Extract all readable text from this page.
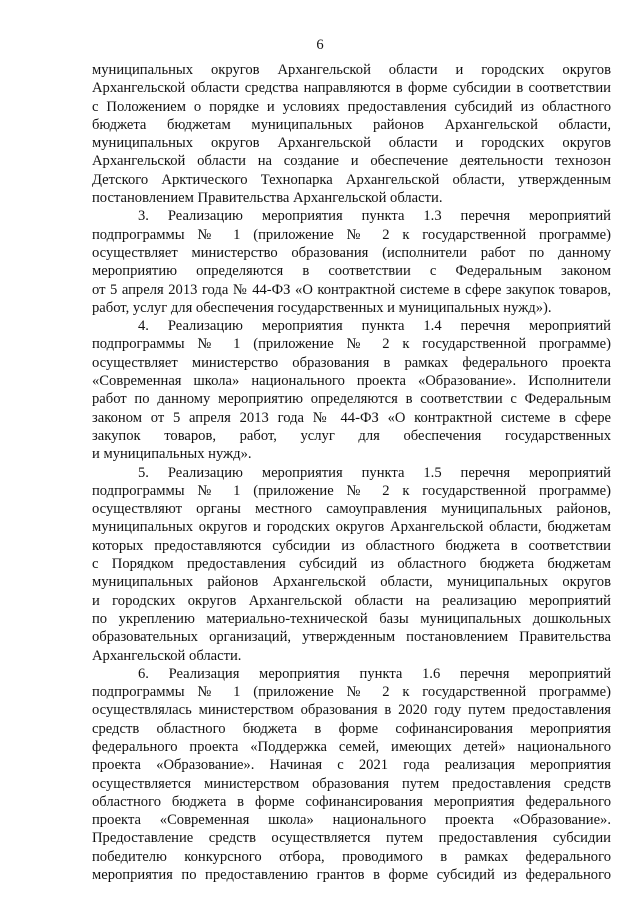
6
муниципальных округов Архангельской области и городских округов
Архангельской области средства направляются в форме субсидии в соответствии
с Положением о порядке и условиях предоставления субсидий из областного
бюджета бюджетам муниципальных районов Архангельской области,
муниципальных округов Архангельской области и городских округов
Архангельской области на создание и обеспечение деятельности технозон
Детского Арктического Технопарка Архангельской области, утвержденным
постановлением Правительства Архангельской области.
3. Реализацию мероприятия пункта 1.3 перечня мероприятий
подпрограммы № 1 (приложение № 2 к государственной программе)
осуществляет министерство образования (исполнители работ по данному
мероприятию определяются в соответствии с Федеральным законом
от 5 апреля 2013 года № 44-ФЗ «О контрактной системе в сфере закупок товаров,
работ, услуг для обеспечения государственных и муниципальных нужд»).
4. Реализацию мероприятия пункта 1.4 перечня мероприятий
подпрограммы № 1 (приложение № 2 к государственной программе)
осуществляет министерство образования в рамках федерального проекта
«Современная школа» национального проекта «Образование». Исполнители
работ по данному мероприятию определяются в соответствии с Федеральным
законом от 5 апреля 2013 года № 44-ФЗ «О контрактной системе в сфере
закупок товаров, работ, услуг для обеспечения государственных
и муниципальных нужд».
5. Реализацию мероприятия пункта 1.5 перечня мероприятий
подпрограммы № 1 (приложение № 2 к государственной программе)
осуществляют органы местного самоуправления муниципальных районов,
муниципальных округов и городских округов Архангельской области, бюджетам
которых предоставляются субсидии из областного бюджета в соответствии
с Порядком предоставления субсидий из областного бюджета бюджетам
муниципальных районов Архангельской области, муниципальных округов
и городских округов Архангельской области на реализацию мероприятий
по укреплению материально-технической базы муниципальных дошкольных
образовательных организаций, утвержденным постановлением Правительства
Архангельской области.
6. Реализация мероприятия пункта 1.6 перечня мероприятий
подпрограммы № 1 (приложение № 2 к государственной программе)
осуществлялась министерством образования в 2020 году путем предоставления
средств областного бюджета в форме софинансирования мероприятия
федерального проекта «Поддержка семей, имеющих детей» национального
проекта «Образование». Начиная с 2021 года реализация мероприятия
осуществляется министерством образования путем предоставления средств
областного бюджета в форме софинансирования мероприятия федерального
проекта «Современная школа» национального проекта «Образование».
Предоставление средств осуществляется путем предоставления субсидии
победителю конкурсного отбора, проводимого в рамках федерального
мероприятия по предоставлению грантов в форме субсидий из федерального
